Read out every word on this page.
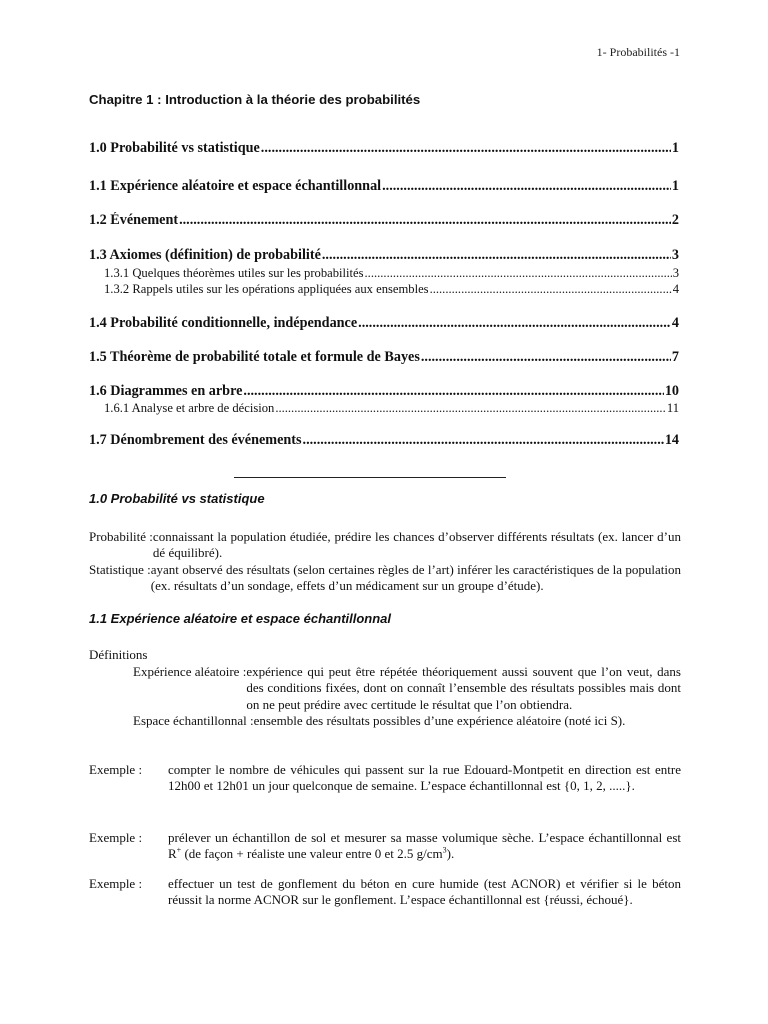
1- Probabilités -1
Chapitre 1 : Introduction à la théorie des probabilités
1.0 Probabilité vs statistique .....	1
1.1 Expérience aléatoire et espace échantillonnal .....	1
1.2 Événement .....	2
1.3 Axiomes (définition) de probabilité .....	3
1.3.1 Quelques théorèmes utiles sur les probabilités .....	3
1.3.2 Rappels utiles sur les opérations appliquées aux ensembles .....	4
1.4 Probabilité conditionnelle, indépendance .....	4
1.5 Théorème de probabilité totale et formule de Bayes .....	7
1.6 Diagrammes en arbre .....	10
1.6.1 Analyse et arbre de décision .....	11
1.7 Dénombrement des événements .....	14
1.0 Probabilité vs statistique
Probabilité : connaissant la population étudiée, prédire les chances d’observer différents résultats (ex. lancer d’un dé équilibré).
Statistique : ayant observé des résultats (selon certaines règles de l’art) inférer les caractéristiques de la population (ex. résultats d’un sondage, effets d’un médicament sur un groupe d’étude).
1.1 Expérience aléatoire et espace échantillonnal
Définitions
Expérience aléatoire : expérience qui peut être répétée théoriquement aussi souvent que l’on veut, dans des conditions fixées, dont on connaît l’ensemble des résultats possibles mais dont on ne peut prédire avec certitude le résultat que l’on obtiendra.
Espace échantillonnal : ensemble des résultats possibles d’une expérience aléatoire (noté ici S).
Exemple :	compter le nombre de véhicules qui passent sur la rue Edouard-Montpetit en direction est entre 12h00 et 12h01 un jour quelconque de semaine. L’espace échantillonnal est {0, 1, 2, .....}.
Exemple :	prélever un échantillon de sol et mesurer sa masse volumique sèche. L’espace échantillonnal est R+ (de façon + réaliste une valeur entre 0 et 2.5 $g/cm^3$).
Exemple :	effectuer un test de gonflement du béton en cure humide (test ACNOR) et vérifier si le béton réussit la norme ACNOR sur le gonflement. L’espace échantillonnal est {réussi, échoué}.
